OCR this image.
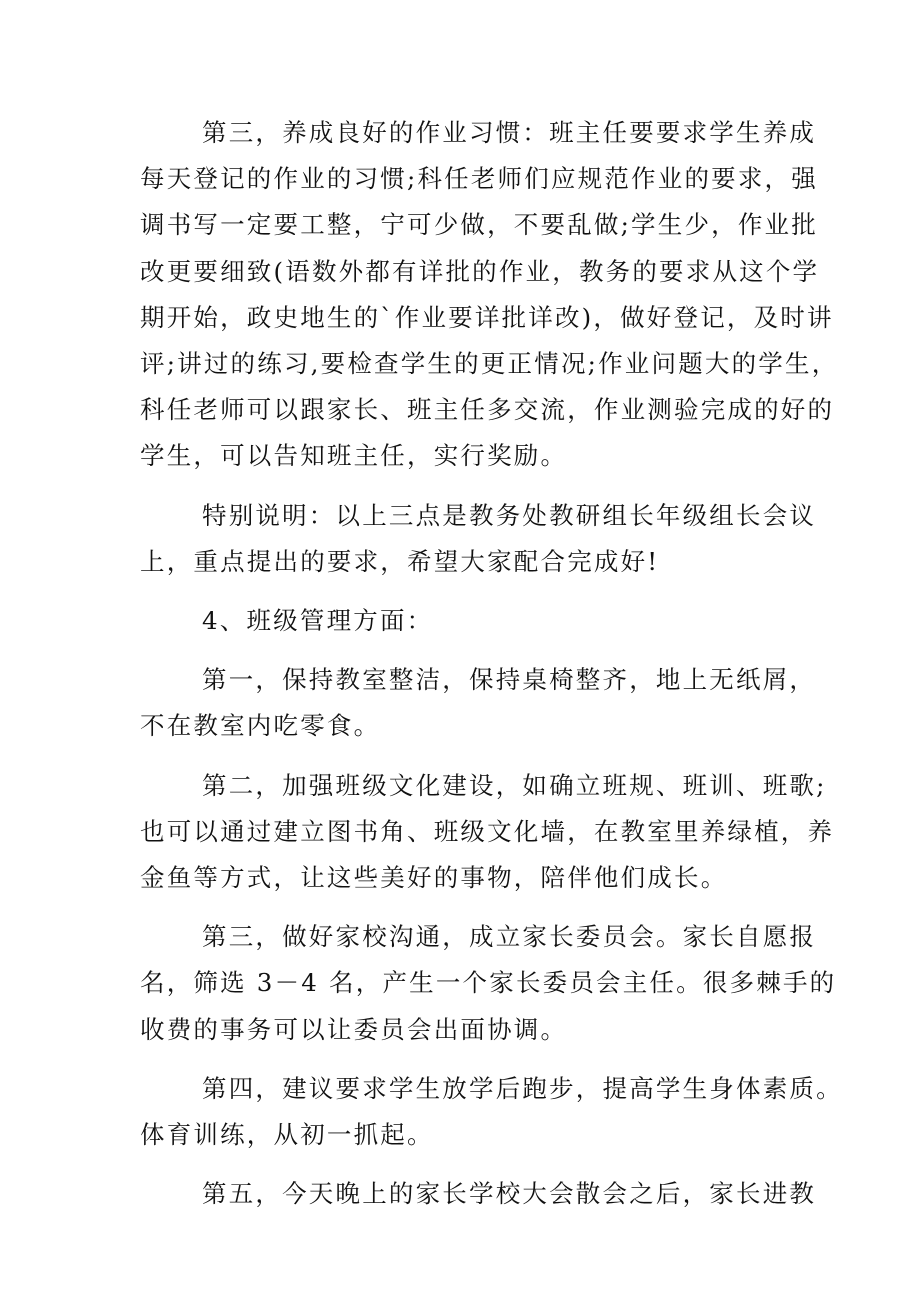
第三，养成良好的作业习惯：班主任要要求学生养成
每天登记的作业的习惯;科任老师们应规范作业的要求，强
调书写一定要工整，宁可少做，不要乱做;学生少，作业批
改更要细致(语数外都有详批的作业，教务的要求从这个学
期开始，政史地生的`作业要详批详改)，做好登记，及时讲
评;讲过的练习,要检查学生的更正情况;作业问题大的学生，
科任老师可以跟家长、班主任多交流，作业测验完成的好的
学生，可以告知班主任，实行奖励。
特别说明：以上三点是教务处教研组长年级组长会议
上，重点提出的要求，希望大家配合完成好!
4、班级管理方面：
第一，保持教室整洁，保持桌椅整齐，地上无纸屑，
不在教室内吃零食。
第二，加强班级文化建设，如确立班规、班训、班歌;
也可以通过建立图书角、班级文化墙，在教室里养绿植，养
金鱼等方式，让这些美好的事物，陪伴他们成长。
第三，做好家校沟通，成立家长委员会。家长自愿报
名，筛选 3－4 名，产生一个家长委员会主任。很多棘手的
收费的事务可以让委员会出面协调。
第四，建议要求学生放学后跑步，提高学生身体素质。
体育训练，从初一抓起。
第五，今天晚上的家长学校大会散会之后，家长进教
